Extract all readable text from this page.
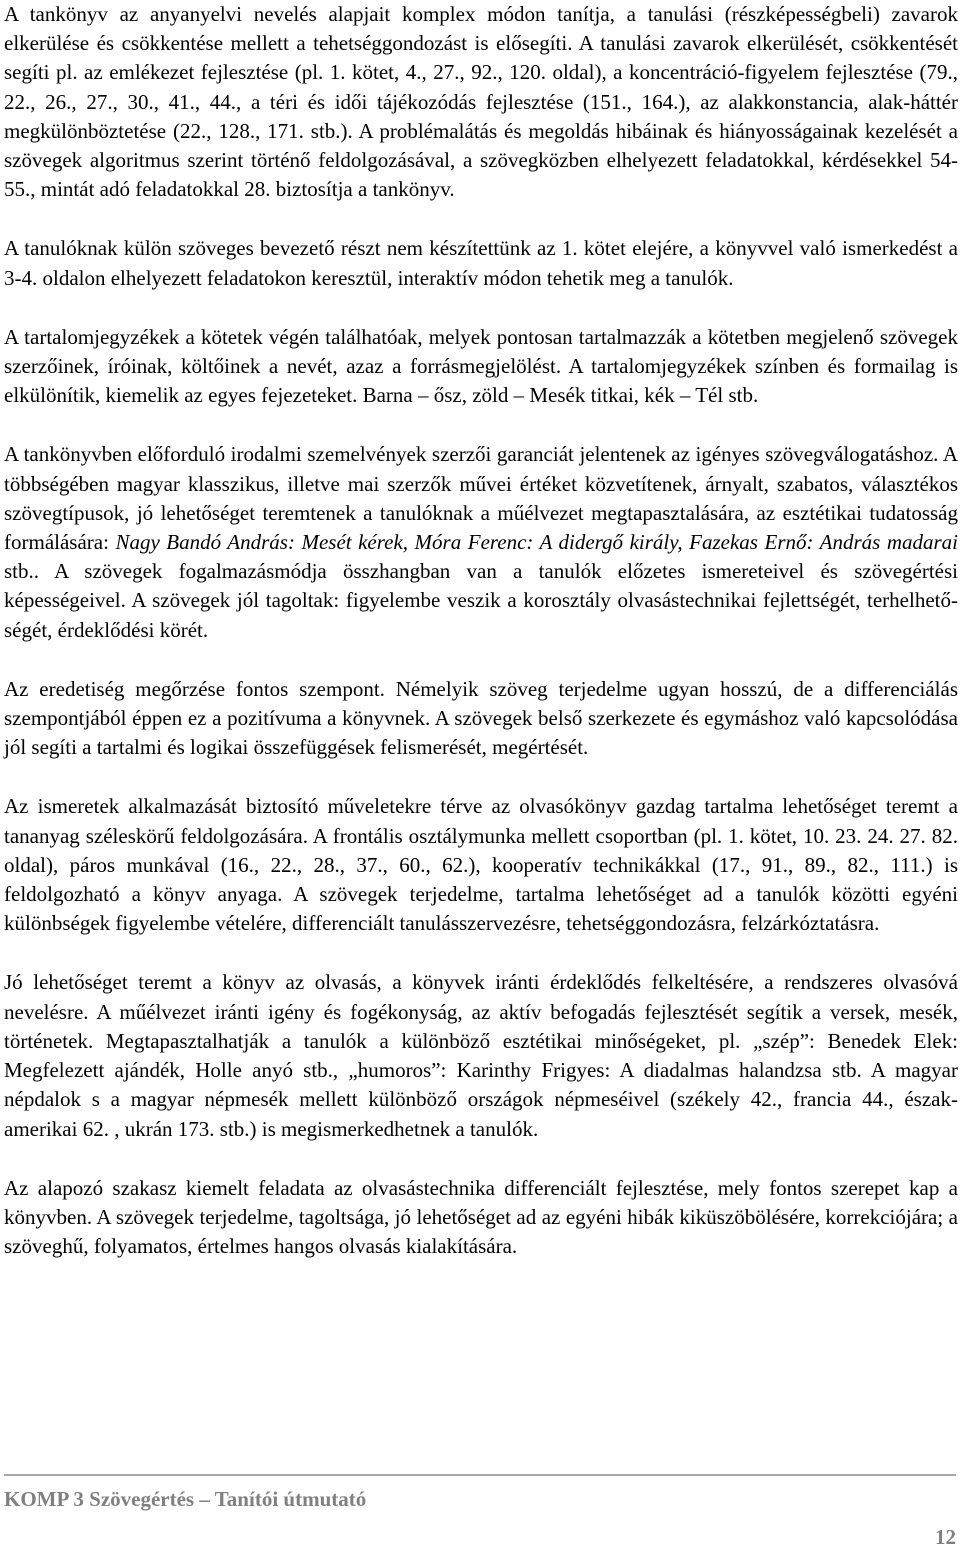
A tankönyv az anyanyelvi nevelés alapjait komplex módon tanítja, a tanulási (részképességbeli) zavarok elkerülése és csökkentése mellett a tehetséggondozást is elősegíti. A tanulási zavarok elkerülését, csökkentését segíti pl. az emlékezet fejlesztése (pl. 1. kötet, 4., 27., 92., 120. oldal), a koncentráció-figyelem fejlesztése (79., 22., 26., 27., 30., 41., 44., a téri és idői tájékozódás fejlesztése (151., 164.), az alakkonstancia, alak-háttér megkülönböztetése (22., 128., 171. stb.). A problémalátás és megoldás hibáinak és hiányosságainak kezelését a szövegek algoritmus szerint történő feldolgozásával, a szövegközben elhelyezett feladatokkal, kérdésekkel 54-55., mintát adó feladatokkal 28. biztosítja a tankönyv.

A tanulóknak külön szöveges bevezető részt nem készítettünk az 1. kötet elejére, a könyvvel való ismerkedést a 3-4. oldalon elhelyezett feladatokon keresztül, interaktív módon tehetik meg a tanulók.

A tartalomjegyzékek a kötetek végén találhatóak, melyek pontosan tartalmazzák a kötetben megjelenő szövegek szerzőinek, íróinak, költőinek a nevét, azaz a forrásmegjelölést. A tartalomjegyzékek színben és formailag is elkülönítik, kiemelik az egyes fejezeteket. Barna – ősz, zöld – Mesék titkai, kék – Tél stb.

A tankönyvben előforduló irodalmi szemelvények szerzői garanciát jelentenek az igényes szövegválogatáshoz. A többségében magyar klasszikus, illetve mai szerzők művei értéket közvetítenek, árnyalt, szabatos, választékos szövegtípusok, jó lehetőséget teremtenek a tanulóknak a műélvezet megtapasztalására, az esztétikai tudatosság formálására: Nagy Bandó András: Mesét kérek, Móra Ferenc: A didergő király, Fazekas Ernő: András madarai stb.. A szövegek fogalmazásmódja összhangban van a tanulók előzetes ismereteivel és szövegértési képességeivel. A szövegek jól tagoltak: figyelembe veszik a korosztály olvasástechnikai fejlettségét, terhelhetőségét, érdeklődési körét.

Az eredetiség megőrzése fontos szempont. Némelyik szöveg terjedelme ugyan hosszú, de a differenciálás szempontjából éppen ez a pozitívuma a könyvnek. A szövegek belső szerkezete és egymáshoz való kapcsolódása jól segíti a tartalmi és logikai összefüggések felismerését, megértését.

Az ismeretek alkalmazását biztosító műveletekre térve az olvasókönyv gazdag tartalma lehetőséget teremt a tananyag széleskörű feldolgozására. A frontális osztálymunka mellett csoportban (pl. 1. kötet, 10. 23. 24. 27. 82. oldal), páros munkával (16., 22., 28., 37., 60., 62.), kooperatív technikákkal (17., 91., 89., 82., 111.) is feldolgozható a könyv anyaga. A szövegek terjedelme, tartalma lehetőséget ad a tanulók közötti egyéni különbségek figyelembe vételére, differenciált tanulásszervezésre, tehetséggondozásra, felzárkóztatásra.

Jó lehetőséget teremt a könyv az olvasás, a könyvek iránti érdeklődés felkeltésére, a rendszeres olvasóvá nevelésre. A műélvezet iránti igény és fogékonyság, az aktív befogadás fejlesztését segítik a versek, mesék, történetek. Megtapasztalhatják a tanulók a különböző esztétikai minőségeket, pl. „szép”: Benedek Elek: Megfelezett ajándék, Holle anyó stb., „humoros”: Karinthy Frigyes: A diadalmas halandzsa stb. A magyar népdalok s a magyar népmesék mellett különböző országok népmeséivel (székely 42., francia 44., észak-amerikai 62. , ukrán 173. stb.) is megismerkedhetnek a tanulók.

Az alapozó szakasz kiemelt feladata az olvasástechnika differenciált fejlesztése, mely fontos szerepet kap a könyvben. A szövegek terjedelme, tagoltsága, jó lehetőséget ad az egyéni hibák kiküszöbölésére, korrekciójára; a szöveghű, folyamatos, értelmes hangos olvasás kialakítására.

KOMP 3 Szövegértés – Tanítói útmutató
12
